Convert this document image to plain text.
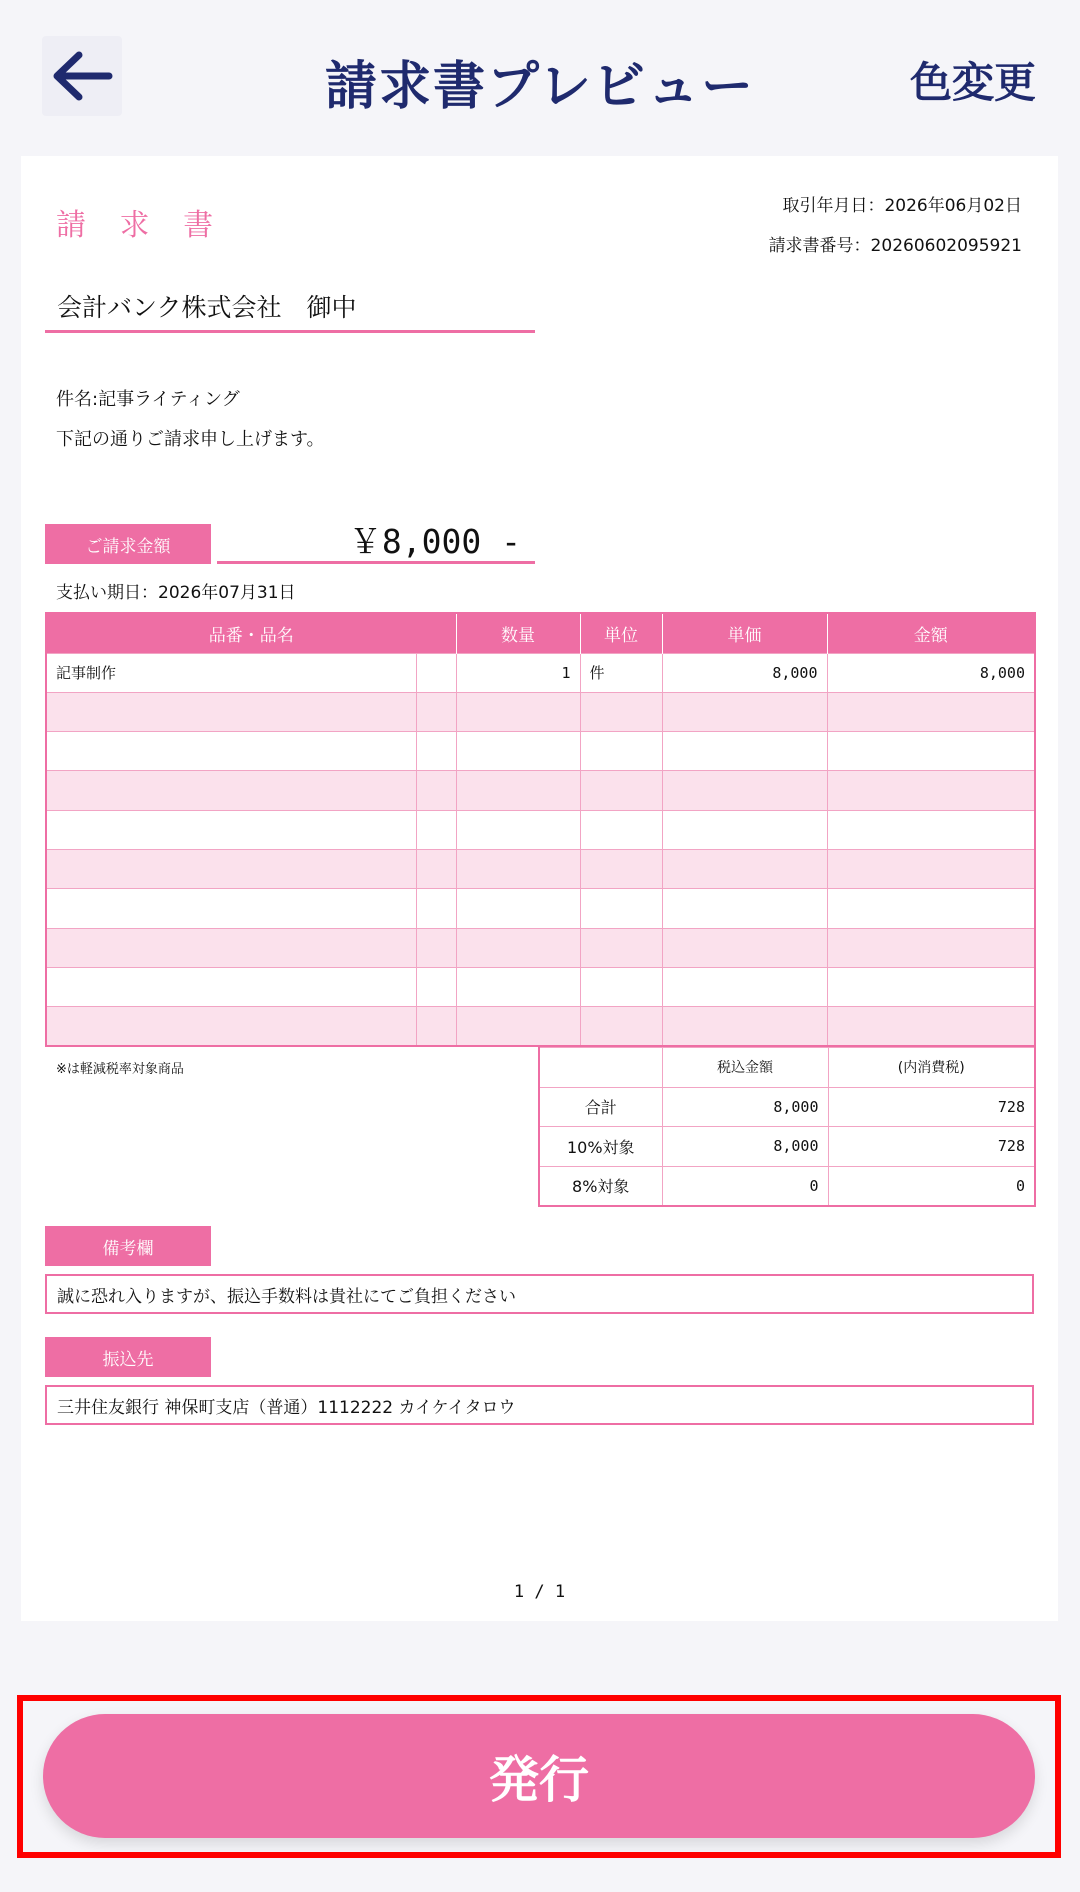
請求書プレビュー	色変更
請 求 書
取引年月日：2026年06月02日
請求書番号：20260602095921
会計バンク株式会社　御中
件名:記事ライティング
下記の通りご請求申し上げます。
ご請求金額	￥8,000 -
支払い期日：2026年07月31日
品番・品名		数量	単位	単価	金額
記事制作		1	件	8,000	8,000

※は軽減税率対象商品
		税込金額	(内消費税)
合計	8,000	728
10%対象	8,000	728
8%対象	0	0
備考欄
誠に恐れ入りますが、振込手数料は貴社にてご負担ください
振込先
三井住友銀行 神保町支店（普通）1112222 カイケイタロウ
1 / 1
発行
